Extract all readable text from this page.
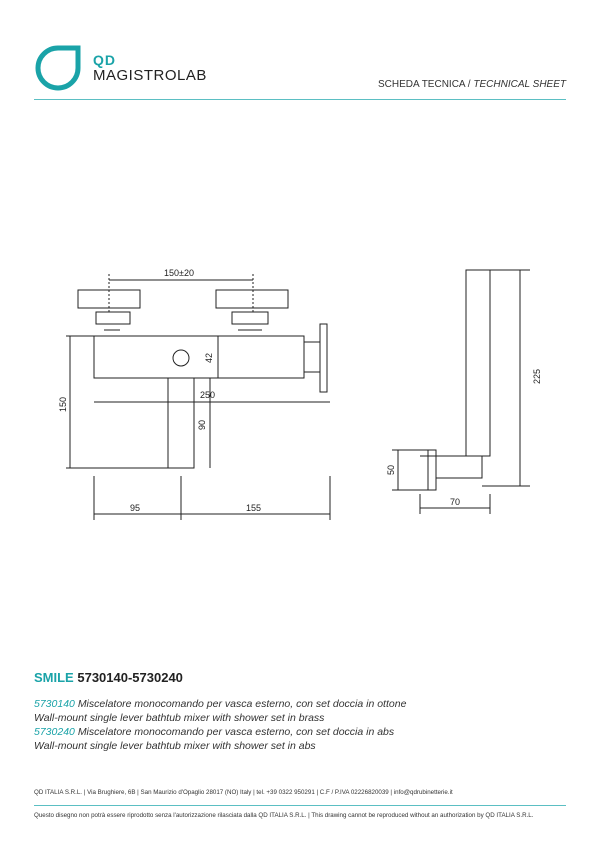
QD
MAGISTROLAB
SCHEDA TECNICA / TECHNICAL SHEET
150±20
42
150
250
90
95	155
225
50
70
SMILE 5730140-5730240
5730140 Miscelatore monocomando per vasca esterno, con set doccia in ottone
Wall-mount single lever bathtub mixer with shower set in brass
5730240 Miscelatore monocomando per vasca esterno, con set doccia in abs
Wall-mount single lever bathtub mixer with shower set in abs
QD ITALIA S.R.L. | Via Brughiere, 6B | San Maurizio d'Opaglio 28017 (NO) Italy | tel. +39 0322 950291 | C.F / P.IVA 02226820039 | info@qdrubinetterie.it
Questo disegno non potrà essere riprodotto senza l'autorizzazione rilasciata dalla QD ITALIA S.R.L. | This drawing cannot be reproduced without an authorization by QD ITALIA S.R.L.
